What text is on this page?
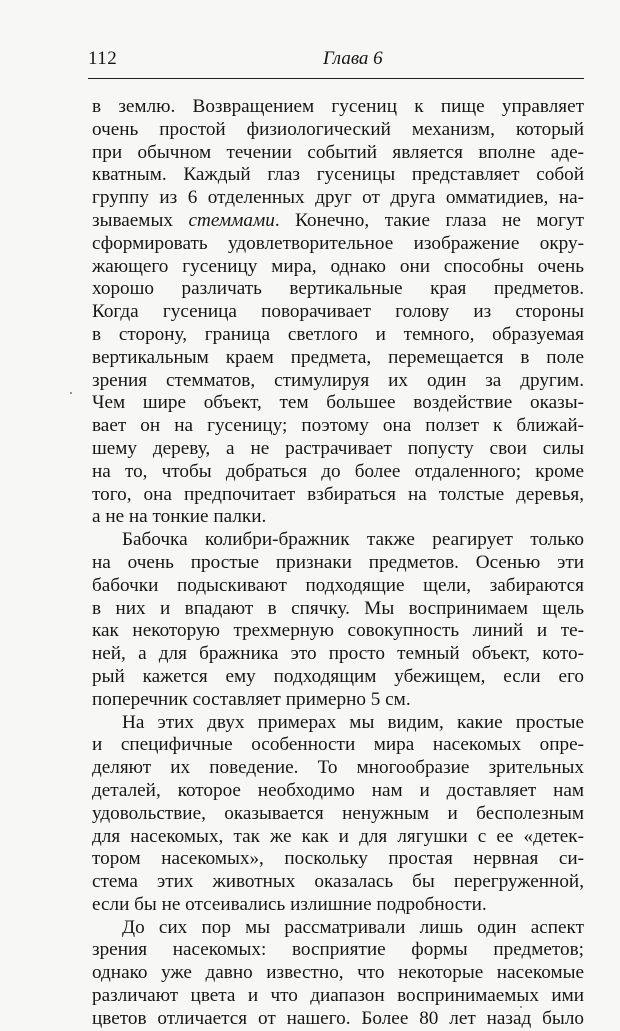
112	Глава 6
в землю. Возвращением гусениц к пище управляет
очень простой физиологический механизм, который
при обычном течении событий является вполне аде-
кватным. Каждый глаз гусеницы представляет собой
группу из 6 отделенных друг от друга омматидиев, на-
зываемых стеммами. Конечно, такие глаза не могут
сформировать удовлетворительное изображение окру-
жающего гусеницу мира, однако они способны очень
хорошо различать вертикальные края предметов.
Когда гусеница поворачивает голову из стороны
в сторону, граница светлого и темного, образуемая
вертикальным краем предмета, перемещается в поле
зрения стемматов, стимулируя их один за другим.
Чем шире объект, тем большее воздействие оказы-
вает он на гусеницу; поэтому она ползет к ближай-
шему дереву, а не растрачивает попусту свои силы
на то, чтобы добраться до более отдаленного; кроме
того, она предпочитает взбираться на толстые деревья,
а не на тонкие палки.
Бабочка колибри-бражник также реагирует только
на очень простые признаки предметов. Осенью эти
бабочки подыскивают подходящие щели, забираются
в них и впадают в спячку. Мы воспринимаем щель
как некоторую трехмерную совокупность линий и те-
ней, а для бражника это просто темный объект, кото-
рый кажется ему подходящим убежищем, если его
поперечник составляет примерно 5 см.
На этих двух примерах мы видим, какие простые
и специфичные особенности мира насекомых опре-
деляют их поведение. То многообразие зрительных
деталей, которое необходимо нам и доставляет нам
удовольствие, оказывается ненужным и бесполезным
для насекомых, так же как и для лягушки с ее «детек-
тором насекомых», поскольку простая нервная си-
стема этих животных оказалась бы перегруженной,
если бы не отсеивались излишние подробности.
До сих пор мы рассматривали лишь один аспект
зрения насекомых: восприятие формы предметов;
однако уже давно известно, что некоторые насекомые
различают цвета и что диапазон воспринимаемых ими
цветов отличается от нашего. Более 80 лет назад было
